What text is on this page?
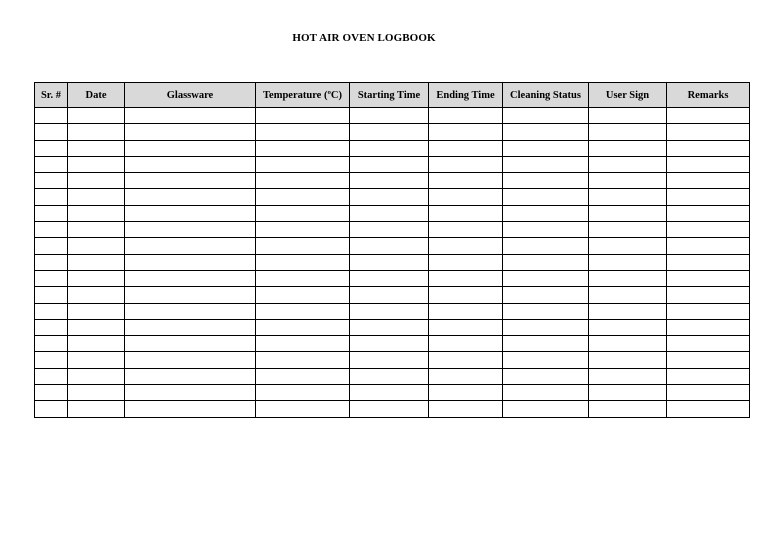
HOT AIR OVEN LOGBOOK
Sr. #	Date	Glassware	Temperature (ºC)	Starting Time	Ending Time	Cleaning Status	User Sign	Remarks
